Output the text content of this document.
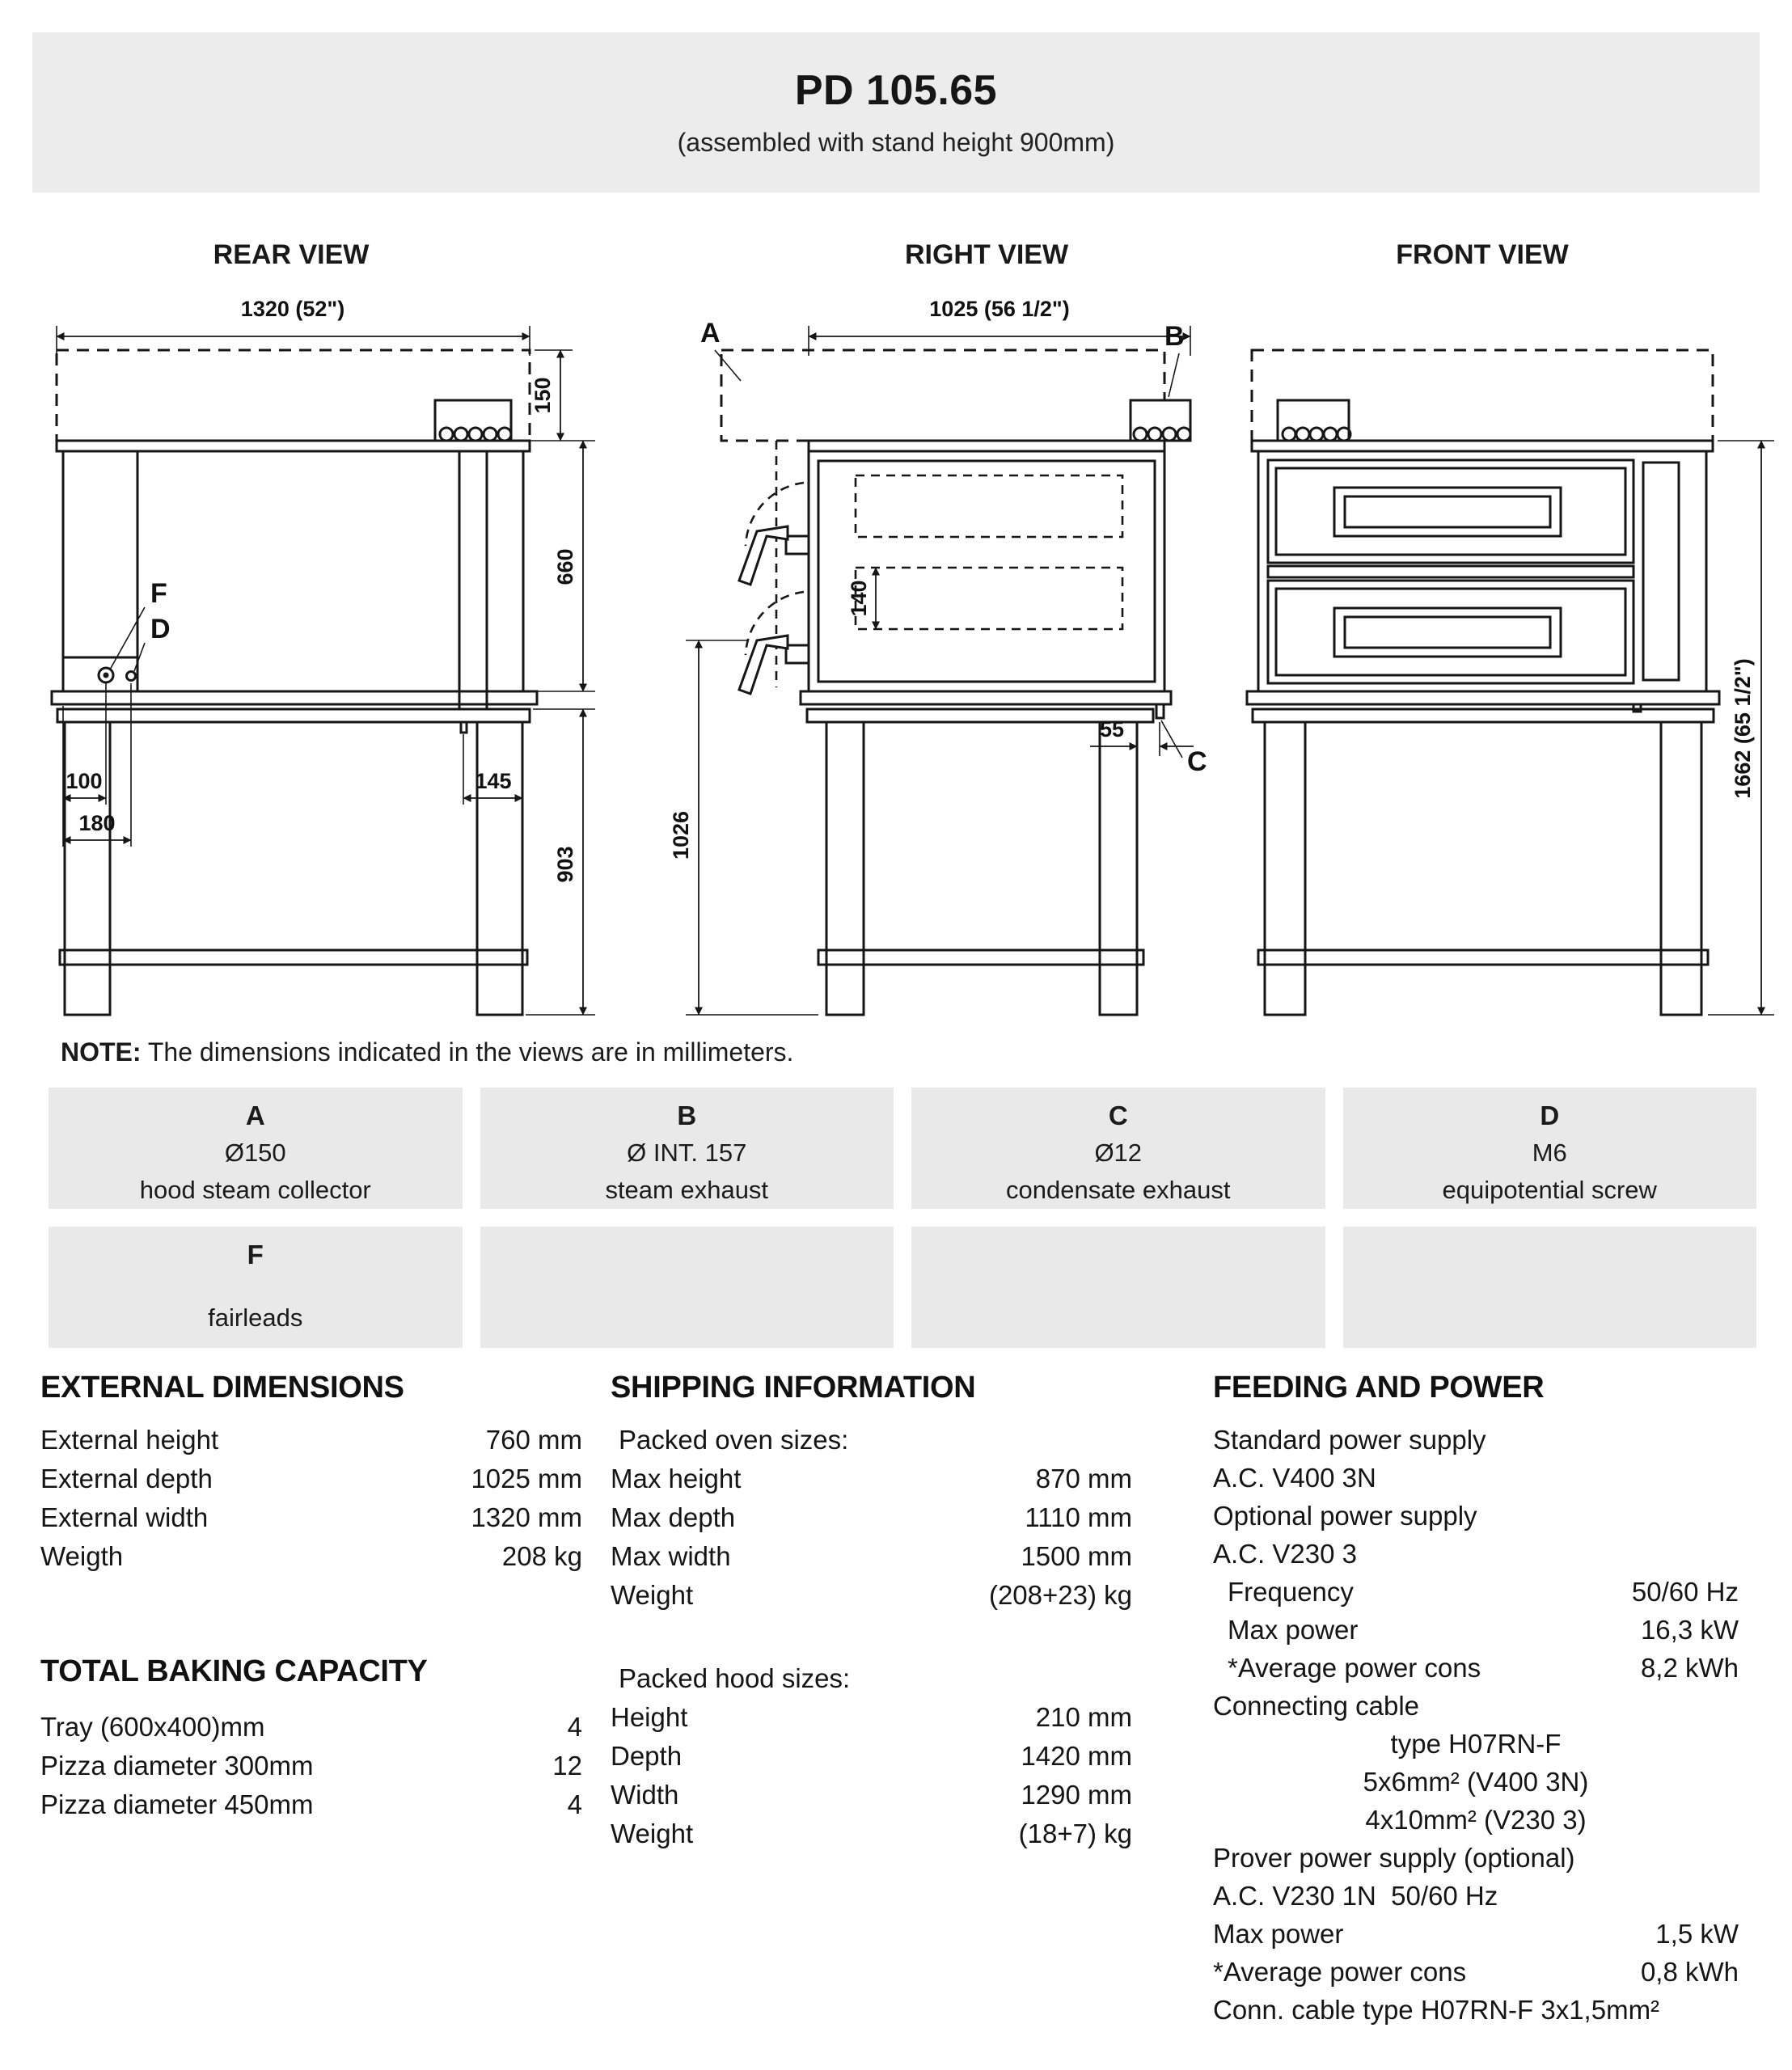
PD 105.65
(assembled with stand height 900mm)
REAR VIEW	RIGHT VIEW	FRONT VIEW
1320 (52")
F
D
150
660
903
100
180
145
1025 (56 1/2")
A	B
140
C
1026
55	1662 (65 1/2")
NOTE: The dimensions indicated in the views are in millimeters.
A
Ø150
hood steam collector
B
Ø INT. 157
steam exhaust
C
Ø12
condensate exhaust
D
M6
equipotential screw
F
fairleads
EXTERNAL DIMENSIONS
External height	760 mm
External depth	1025 mm
External width	1320 mm
Weigth	208 kg
TOTAL BAKING CAPACITY
Tray (600x400)mm	4
Pizza diameter 300mm	12
Pizza diameter 450mm	4
SHIPPING INFORMATION
Packed oven sizes:
Max height	870 mm
Max depth	1110 mm
Max width	1500 mm
Weight	(208+23) kg
Packed hood sizes:
Height	210 mm
Depth	1420 mm
Width	1290 mm
Weight	(18+7) kg
FEEDING AND POWER
Standard power supply
A.C. V400 3N
Optional power supply
A.C. V230 3
Frequency	50/60 Hz
Max power	16,3 kW
*Average power cons	8,2 kWh
Connecting cable
type H07RN-F
5x6mm² (V400 3N)
4x10mm² (V230 3)
Prover power supply (optional)
A.C. V230 1N  50/60 Hz
Max power	1,5 kW
*Average power cons	0,8 kWh
Conn. cable type H07RN-F 3x1,5mm²
